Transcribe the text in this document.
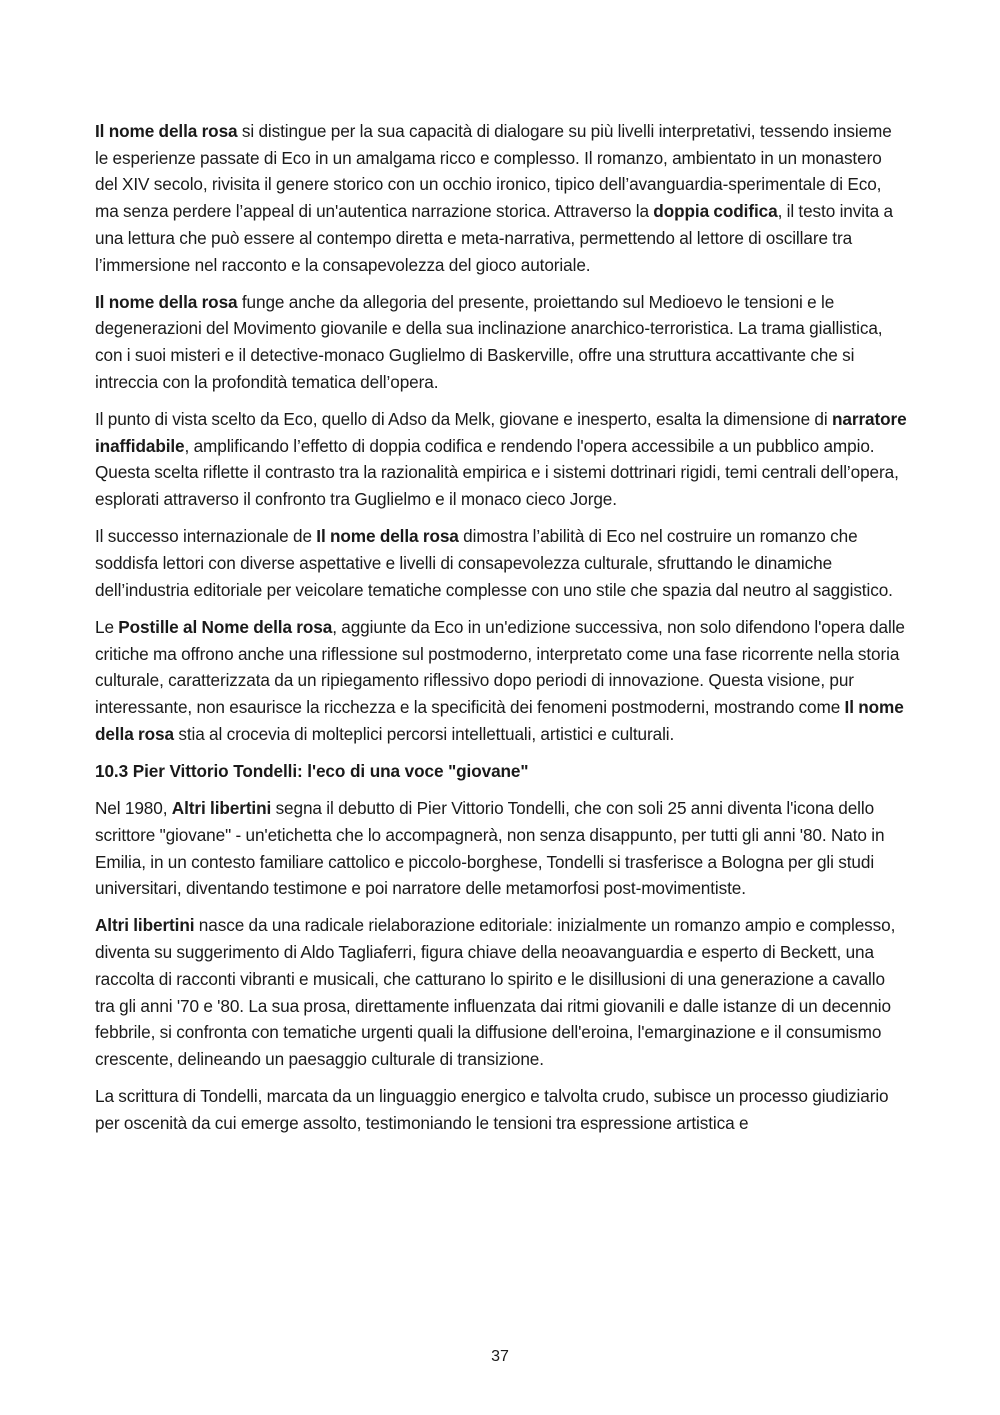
Il nome della rosa si distingue per la sua capacità di dialogare su più livelli interpretativi, tessendo insieme le esperienze passate di Eco in un amalgama ricco e complesso. Il romanzo, ambientato in un monastero del XIV secolo, rivisita il genere storico con un occhio ironico, tipico dell’avanguardia-sperimentale di Eco, ma senza perdere l’appeal di un'autentica narrazione storica. Attraverso la doppia codifica, il testo invita a una lettura che può essere al contempo diretta e meta-narrativa, permettendo al lettore di oscillare tra l’immersione nel racconto e la consapevolezza del gioco autoriale.

Il nome della rosa funge anche da allegoria del presente, proiettando sul Medioevo le tensioni e le degenerazioni del Movimento giovanile e della sua inclinazione anarchico-terroristica. La trama giallistica, con i suoi misteri e il detective-monaco Guglielmo di Baskerville, offre una struttura accattivante che si intreccia con la profondità tematica dell’opera.

Il punto di vista scelto da Eco, quello di Adso da Melk, giovane e inesperto, esalta la dimensione di narratore inaffidabile, amplificando l’effetto di doppia codifica e rendendo l'opera accessibile a un pubblico ampio. Questa scelta riflette il contrasto tra la razionalità empirica e i sistemi dottrinari rigidi, temi centrali dell’opera, esplorati attraverso il confronto tra Guglielmo e il monaco cieco Jorge.

Il successo internazionale de Il nome della rosa dimostra l’abilità di Eco nel costruire un romanzo che soddisfa lettori con diverse aspettative e livelli di consapevolezza culturale, sfruttando le dinamiche dell’industria editoriale per veicolare tematiche complesse con uno stile che spazia dal neutro al saggistico.

Le Postille al Nome della rosa, aggiunte da Eco in un'edizione successiva, non solo difendono l'opera dalle critiche ma offrono anche una riflessione sul postmoderno, interpretato come una fase ricorrente nella storia culturale, caratterizzata da un ripiegamento riflessivo dopo periodi di innovazione. Questa visione, pur interessante, non esaurisce la ricchezza e la specificità dei fenomeni postmoderni, mostrando come Il nome della rosa stia al crocevia di molteplici percorsi intellettuali, artistici e culturali.

10.3 Pier Vittorio Tondelli: l'eco di una voce "giovane"

Nel 1980, Altri libertini segna il debutto di Pier Vittorio Tondelli, che con soli 25 anni diventa l'icona dello scrittore "giovane" - un'etichetta che lo accompagnerà, non senza disappunto, per tutti gli anni '80. Nato in Emilia, in un contesto familiare cattolico e piccolo-borghese, Tondelli si trasferisce a Bologna per gli studi universitari, diventando testimone e poi narratore delle metamorfosi post-movimentiste.

Altri libertini nasce da una radicale rielaborazione editoriale: inizialmente un romanzo ampio e complesso, diventa su suggerimento di Aldo Tagliaferri, figura chiave della neoavanguardia e esperto di Beckett, una raccolta di racconti vibranti e musicali, che catturano lo spirito e le disillusioni di una generazione a cavallo tra gli anni '70 e '80. La sua prosa, direttamente influenzata dai ritmi giovanili e dalle istanze di un decennio febbrile, si confronta con tematiche urgenti quali la diffusione dell'eroina, l'emarginazione e il consumismo crescente, delineando un paesaggio culturale di transizione.

La scrittura di Tondelli, marcata da un linguaggio energico e talvolta crudo, subisce un processo giudiziario per oscenità da cui emerge assolto, testimoniando le tensioni tra espressione artistica e

37
